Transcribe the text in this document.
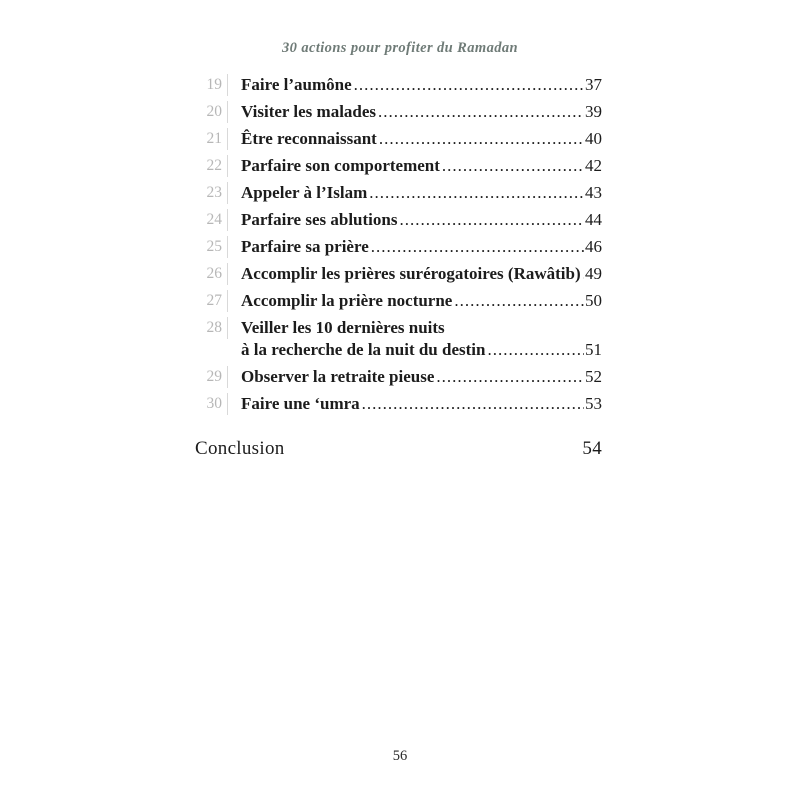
30 actions pour profiter du Ramadan
19	Faire l’aumône .....	37
20	Visiter les malades .....	39
21	Être reconnaissant .....	40
22	Parfaire son comportement .....	42
23	Appeler à l’Islam .....	43
24	Parfaire ses ablutions .....	44
25	Parfaire sa prière .....	46
26	Accomplir les prières surérogatoires (Rawâtib) ..... 49
27	Accomplir la prière nocturne .....	50
28	Veiller les 10 dernières nuits
à la recherche de la nuit du destin .....	51
29	Observer la retraite pieuse .....	52
30	Faire une ‘umra .....	53
Conclusion	54
56
